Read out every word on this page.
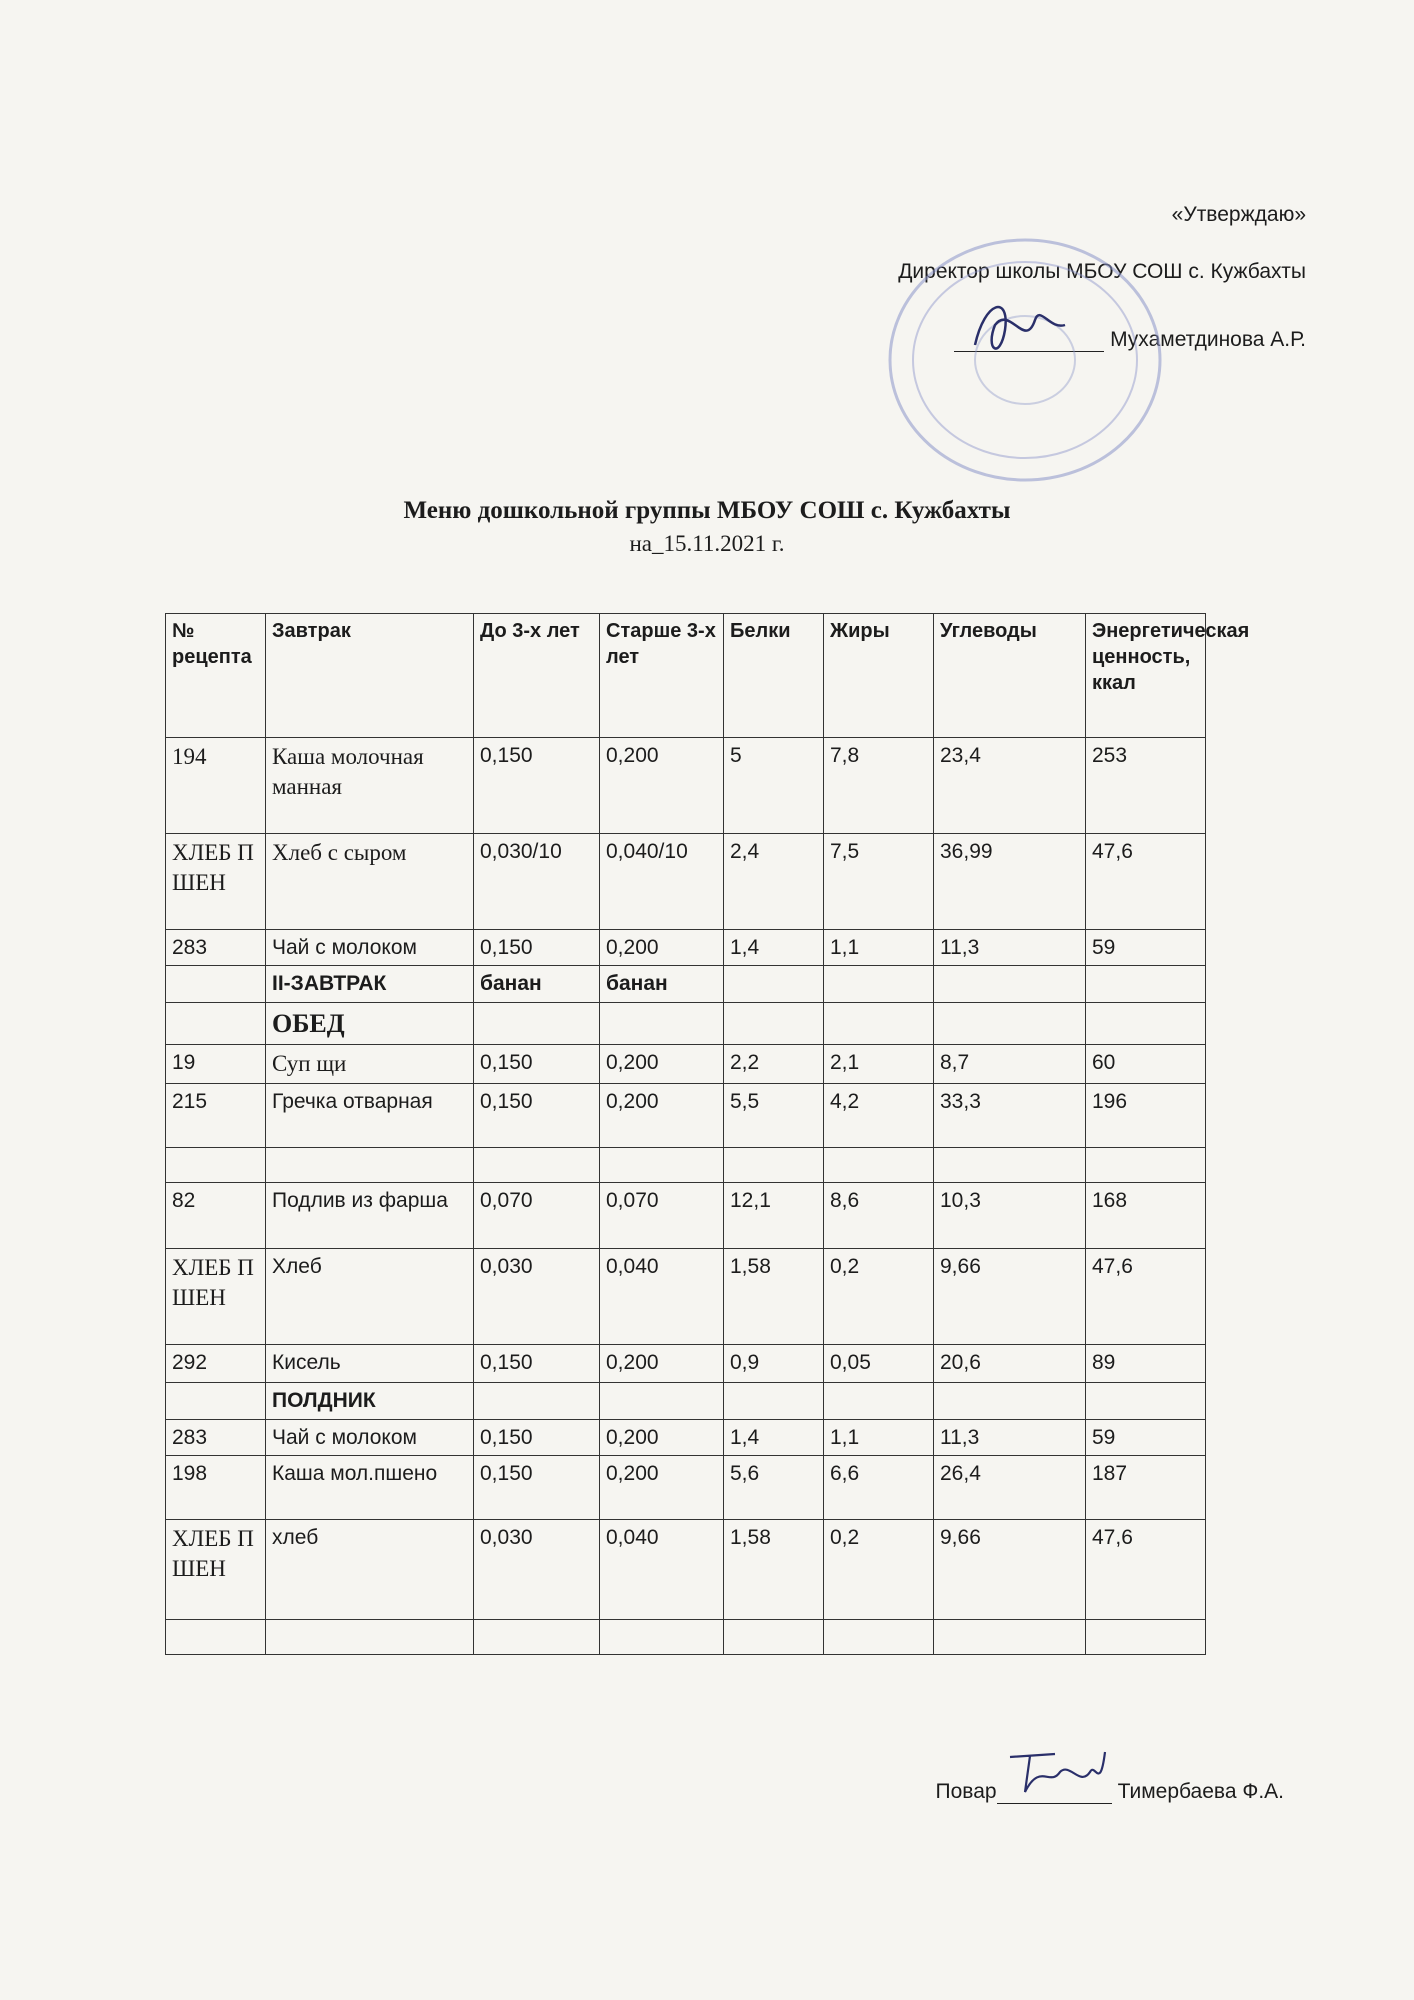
«Утверждаю»
Директор школы МБОУ СОШ с. Кужбахты
Мухаметдинова А.Р.
Меню дошкольной группы МБОУ СОШ с. Кужбахты
на_15.11.2021 г.
№ рецепта	Завтрак	До 3-х лет	Старше 3-х лет	Белки	Жиры	Углеводы	Энергетическая ценность, ккал
194	Каша молочная манная	0,150	0,200	5	7,8	23,4	253
ХЛЕБ ПШЕН	Хлеб с сыром	0,030/10	0,040/10	2,4	7,5	36,99	47,6
283	Чай с молоком	0,150	0,200	1,4	1,1	11,3	59
	II-ЗАВТРАК	банан	банан				
	ОБЕД						
19	Суп щи	0,150	0,200	2,2	2,1	8,7	60
215	Гречка отварная	0,150	0,200	5,5	4,2	33,3	196

82	Подлив из фарша	0,070	0,070	12,1	8,6	10,3	168
ХЛЕБ ПШЕН	Хлеб	0,030	0,040	1,58	0,2	9,66	47,6
292	Кисель	0,150	0,200	0,9	0,05	20,6	89
	ПОЛДНИК						
283	Чай с молоком	0,150	0,200	1,4	1,1	11,3	59
198	Каша мол.пшено	0,150	0,200	5,6	6,6	26,4	187
ХЛЕБ ПШЕН	хлеб	0,030	0,040	1,58	0,2	9,66	47,6

Повар	Тимербаева Ф.А.
